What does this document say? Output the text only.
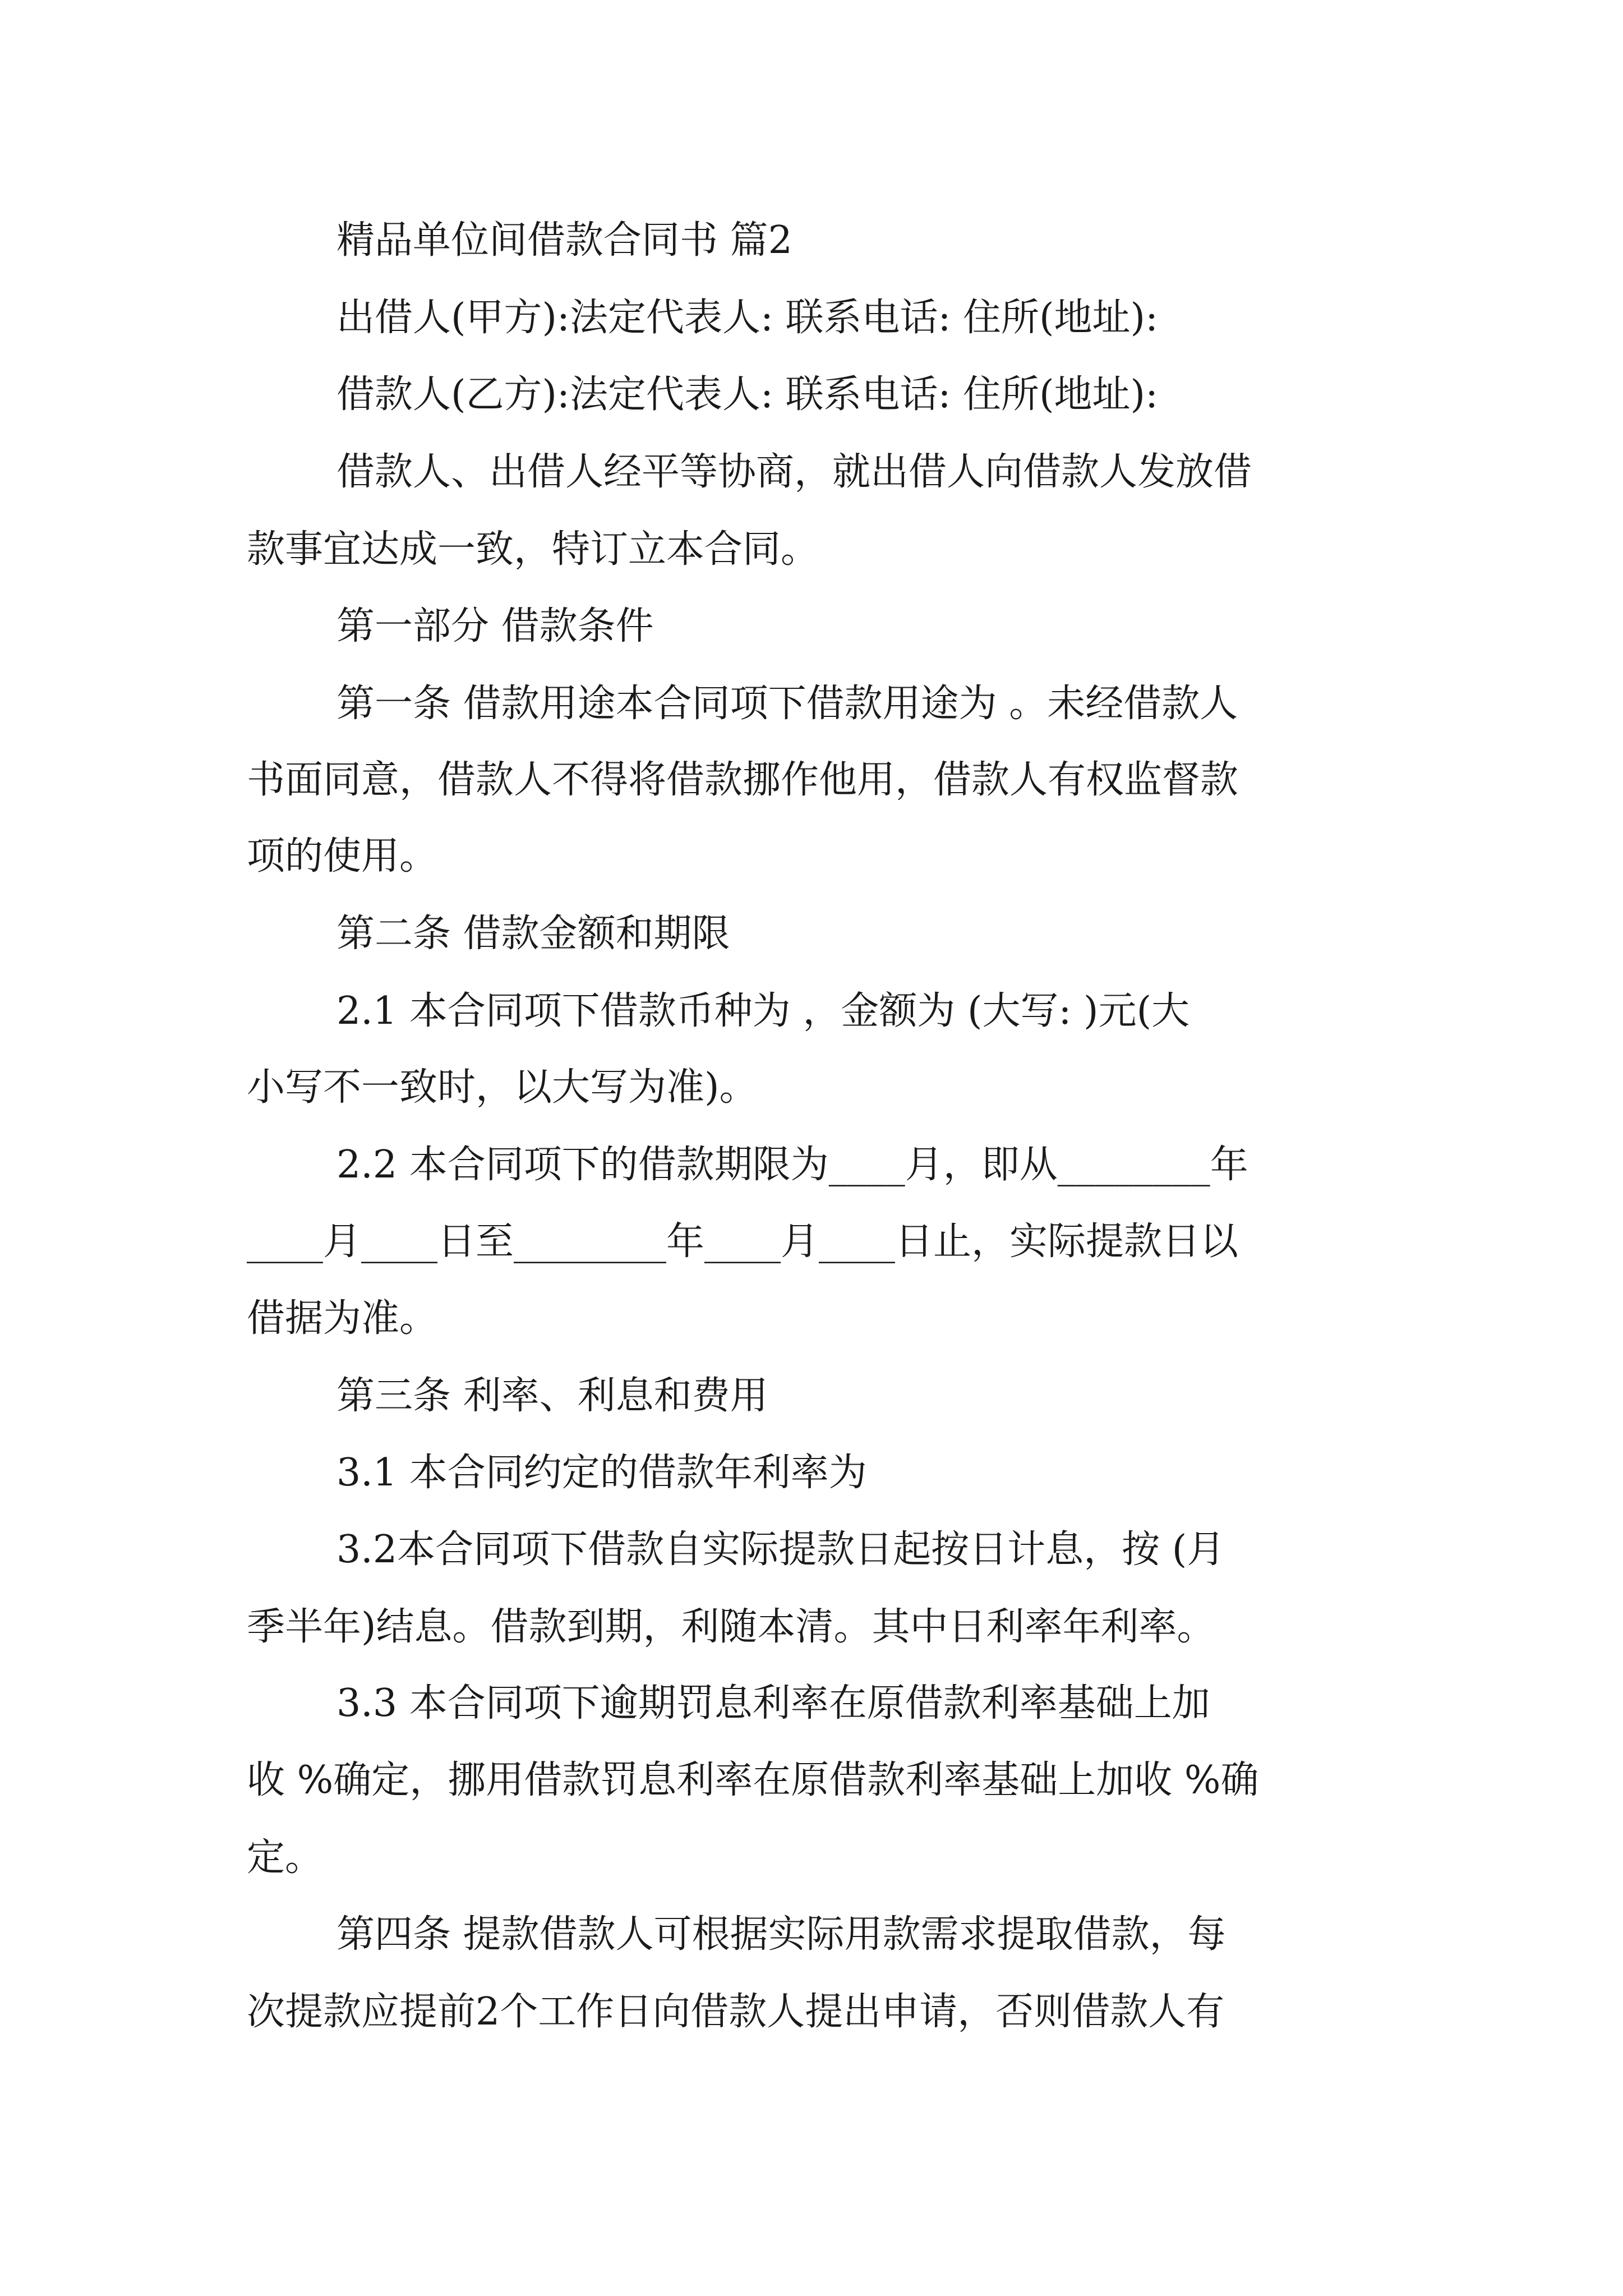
精品单位间借款合同书 篇2
出借人(甲方):法定代表人: 联系电话: 住所(地址):
借款人(乙方):法定代表人: 联系电话: 住所(地址):
借款人、出借人经平等协商，就出借人向借款人发放借
款事宜达成一致，特订立本合同。
第一部分 借款条件
第一条 借款用途本合同项下借款用途为 。未经借款人
书面同意，借款人不得将借款挪作他用，借款人有权监督款
项的使用。
第二条 借款金额和期限
2.1 本合同项下借款币种为 ，金额为 (大写: )元(大
小写不一致时，以大写为准)。
2.2 本合同项下的借款期限为____月，即从________年
____月____日至________年____月____日止，实际提款日以
借据为准。
第三条 利率、利息和费用
3.1 本合同约定的借款年利率为
3.2本合同项下借款自实际提款日起按日计息，按 (月
季半年)结息。借款到期，利随本清。其中日利率年利率。
3.3 本合同项下逾期罚息利率在原借款利率基础上加
收 %确定，挪用借款罚息利率在原借款利率基础上加收 %确
定。
第四条 提款借款人可根据实际用款需求提取借款，每
次提款应提前2个工作日向借款人提出申请，否则借款人有
